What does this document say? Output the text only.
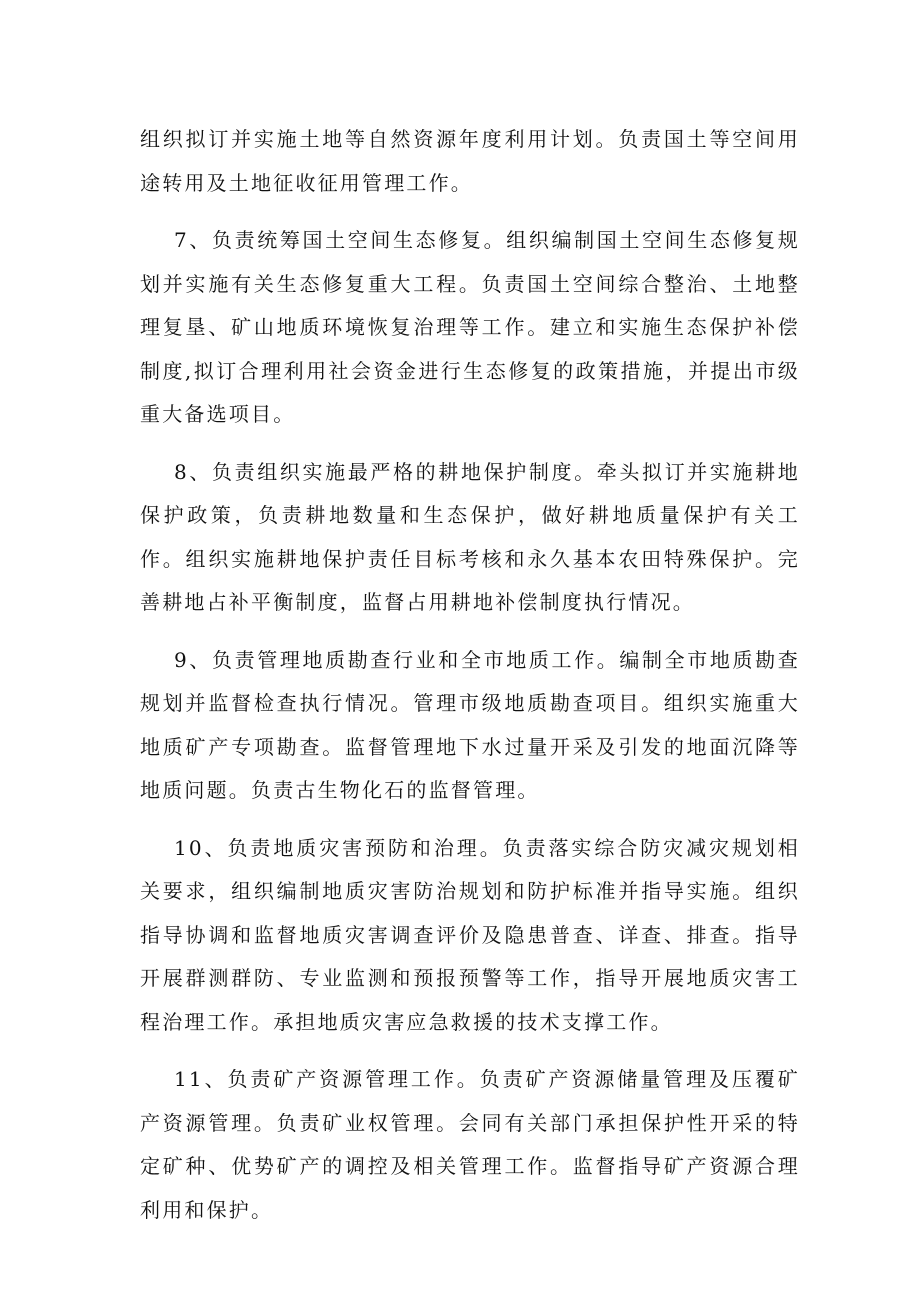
组织拟订并实施土地等自然资源年度利用计划。负责国土等空间用途转用及土地征收征用管理工作。

7、负责统筹国土空间生态修复。组织编制国土空间生态修复规划并实施有关生态修复重大工程。负责国土空间综合整治、土地整理复垦、矿山地质环境恢复治理等工作。建立和实施生态保护补偿制度,拟订合理利用社会资金进行生态修复的政策措施，并提出市级重大备选项目。

8、负责组织实施最严格的耕地保护制度。牵头拟订并实施耕地保护政策，负责耕地数量和生态保护，做好耕地质量保护有关工作。组织实施耕地保护责任目标考核和永久基本农田特殊保护。完善耕地占补平衡制度，监督占用耕地补偿制度执行情况。

9、负责管理地质勘查行业和全市地质工作。编制全市地质勘查规划并监督检查执行情况。管理市级地质勘查项目。组织实施重大地质矿产专项勘查。监督管理地下水过量开采及引发的地面沉降等地质问题。负责古生物化石的监督管理。

10、负责地质灾害预防和治理。负责落实综合防灾减灾规划相关要求，组织编制地质灾害防治规划和防护标准并指导实施。组织指导协调和监督地质灾害调查评价及隐患普查、详查、排查。指导开展群测群防、专业监测和预报预警等工作，指导开展地质灾害工程治理工作。承担地质灾害应急救援的技术支撑工作。

11、负责矿产资源管理工作。负责矿产资源储量管理及压覆矿产资源管理。负责矿业权管理。会同有关部门承担保护性开采的特定矿种、优势矿产的调控及相关管理工作。监督指导矿产资源合理利用和保护。
